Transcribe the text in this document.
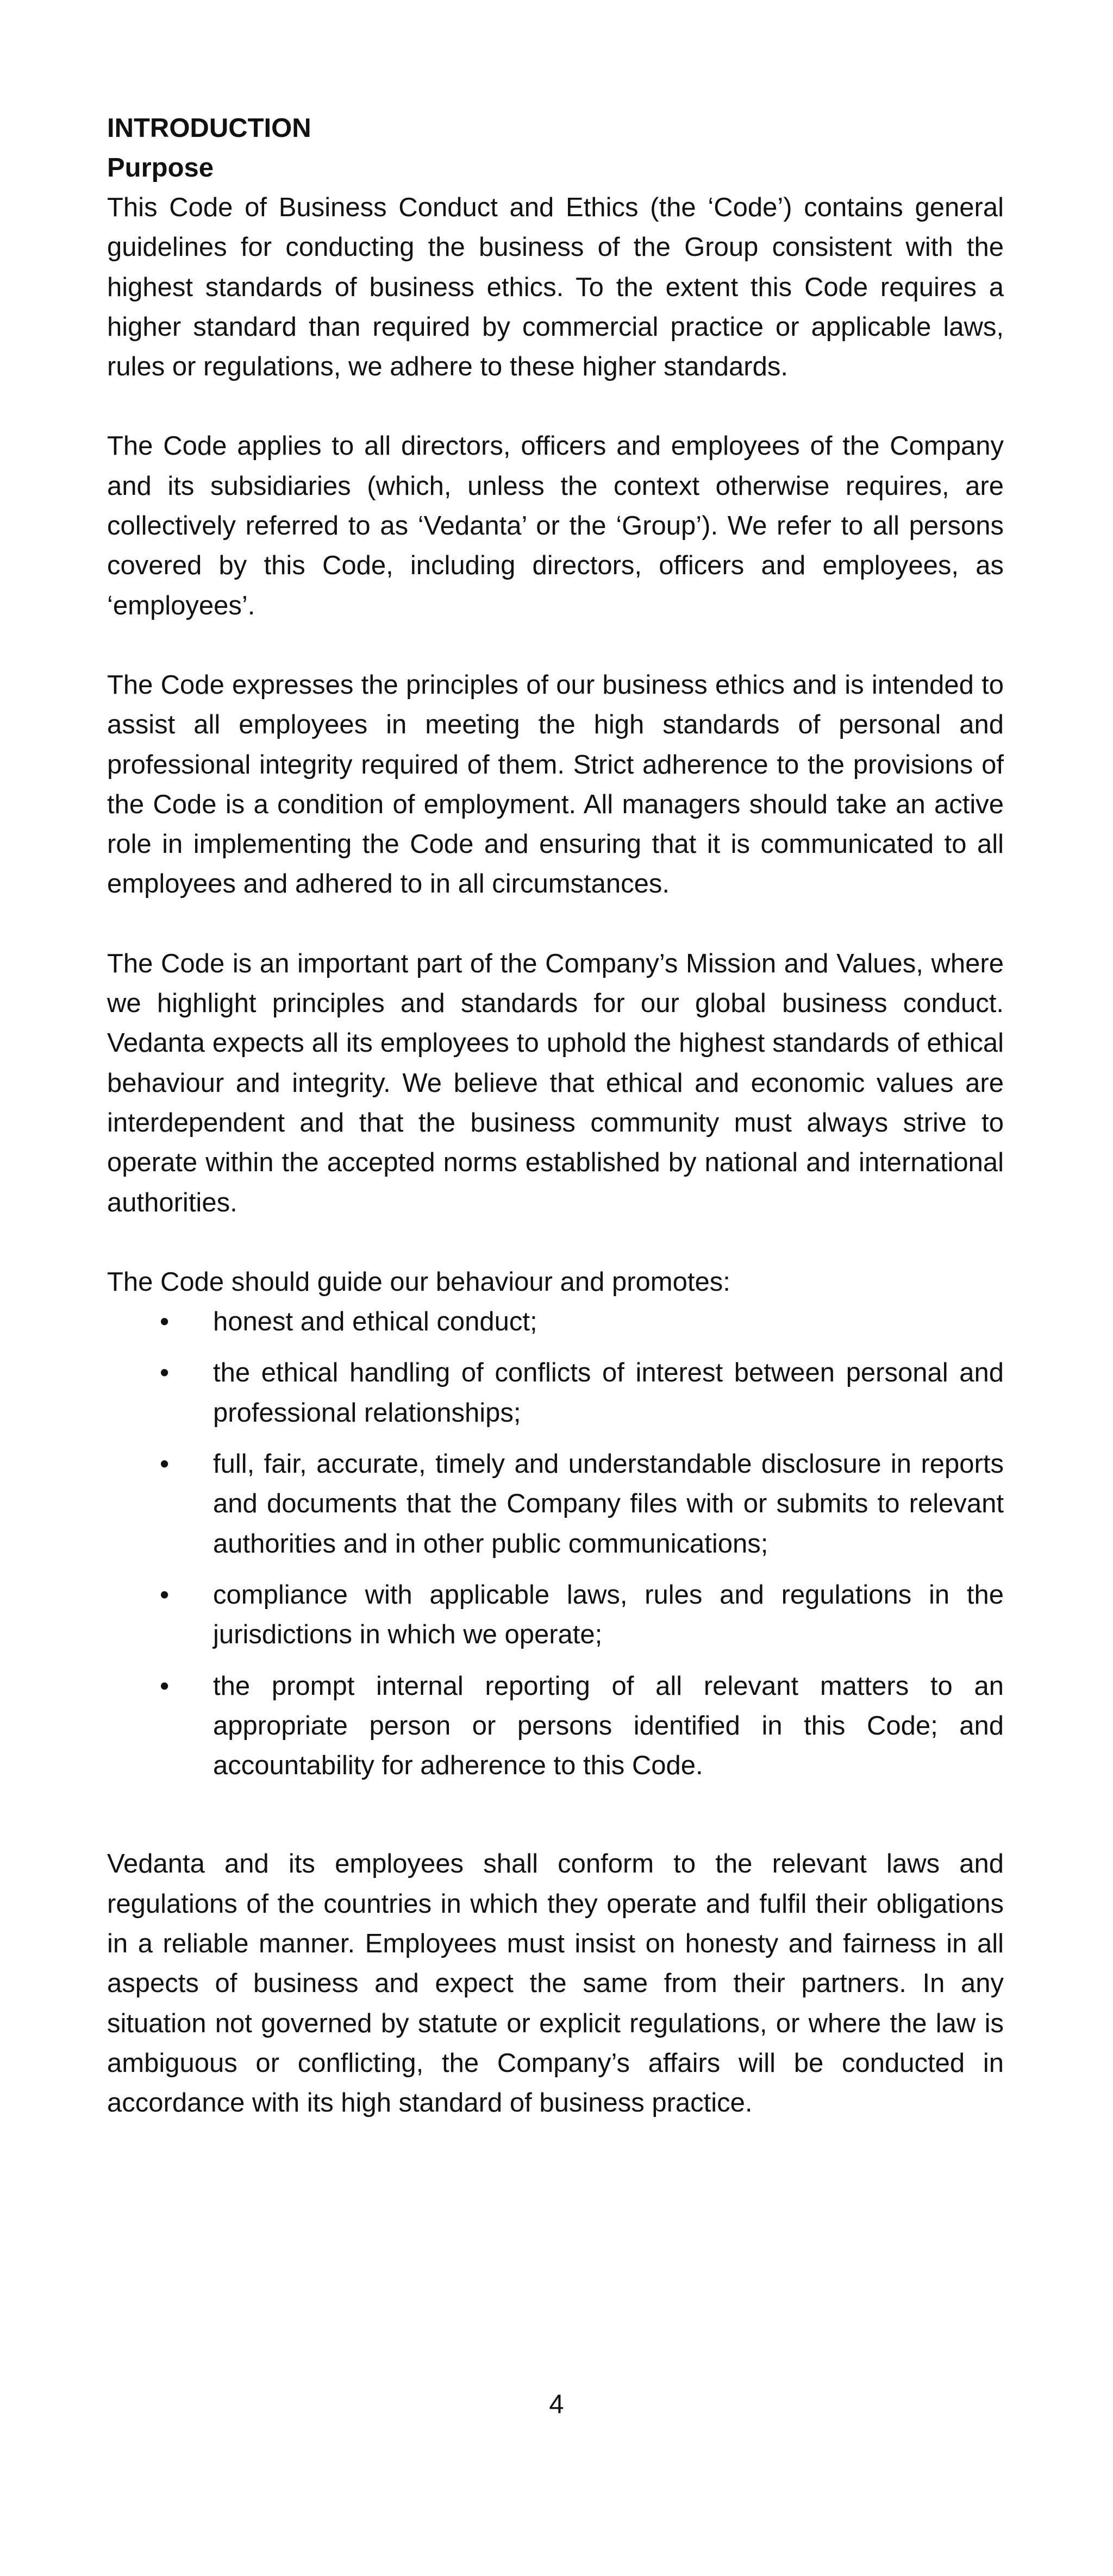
INTRODUCTION

Purpose

This Code of Business Conduct and Ethics (the ‘Code’) contains general guidelines for conducting the business of the Group consistent with the highest standards of business ethics. To the extent this Code requires a higher standard than required by commercial practice or applicable laws, rules or regulations, we adhere to these higher standards.

The Code applies to all directors, officers and employees of the Company and its subsidiaries (which, unless the context otherwise requires, are collectively referred to as ‘Vedanta’ or the ‘Group’). We refer to all persons covered by this Code, including directors, officers and employees, as ‘employees’.

The Code expresses the principles of our business ethics and is intended to assist all employees in meeting the high standards of personal and professional integrity required of them. Strict adherence to the provisions of the Code is a condition of employment. All managers should take an active role in implementing the Code and ensuring that it is communicated to all employees and adhered to in all circumstances.

The Code is an important part of the Company’s Mission and Values, where we highlight principles and standards for our global business conduct. Vedanta expects all its employees to uphold the highest standards of ethical behaviour and integrity. We believe that ethical and economic values are interdependent and that the business community must always strive to operate within the accepted norms established by national and international authorities.

The Code should guide our behaviour and promotes:

• honest and ethical conduct;
• the ethical handling of conflicts of interest between personal and professional relationships;
• full, fair, accurate, timely and understandable disclosure in reports and documents that the Company files with or submits to relevant authorities and in other public communications;
• compliance with applicable laws, rules and regulations in the jurisdictions in which we operate;
• the prompt internal reporting of all relevant matters to an appropriate person or persons identified in this Code; and accountability for adherence to this Code.

Vedanta and its employees shall conform to the relevant laws and regulations of the countries in which they operate and fulfil their obligations in a reliable manner. Employees must insist on honesty and fairness in all aspects of business and expect the same from their partners. In any situation not governed by statute or explicit regulations, or where the law is ambiguous or conflicting, the Company’s affairs will be conducted in accordance with its high standard of business practice.

4
